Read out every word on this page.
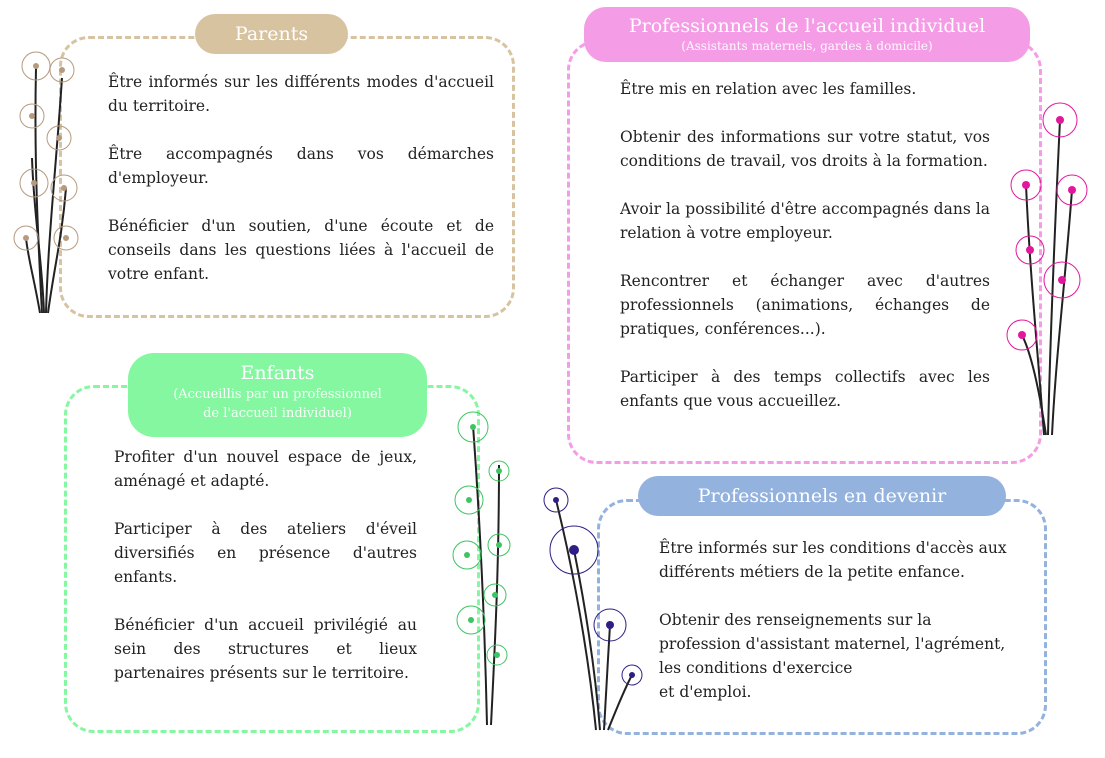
Parents

Être informés sur les différents modes d'accueil du territoire.

Être accompagnés dans vos démarches d'employeur.

Bénéficier d'un soutien, d'une écoute et de conseils dans les questions liées à l'accueil de votre enfant.

Professionnels de l'accueil individuel
(Assistants maternels, gardes à domicile)

Être mis en relation avec les familles.

Obtenir des informations sur votre statut, vos conditions de travail, vos droits à la formation.

Avoir la possibilité d'être accompagnés dans la relation à votre employeur.

Rencontrer et échanger avec d'autres professionnels (animations, échanges de pratiques, conférences...).

Participer à des temps collectifs avec les enfants que vous accueillez.

Enfants
(Accueillis par un professionnel
de l'accueil individuel)

Profiter d'un nouvel espace de jeux, aménagé et adapté.

Participer à des ateliers d'éveil diversifiés en présence d'autres enfants.

Bénéficier d'un accueil privilégié au sein des structures et lieux partenaires présents sur le territoire.

Professionnels en devenir

Être informés sur les conditions d'accès aux différents métiers de la petite enfance.

Obtenir des renseignements sur la
profession d'assistant maternel, l'agrément,
les conditions d'exercice
et d'emploi.
